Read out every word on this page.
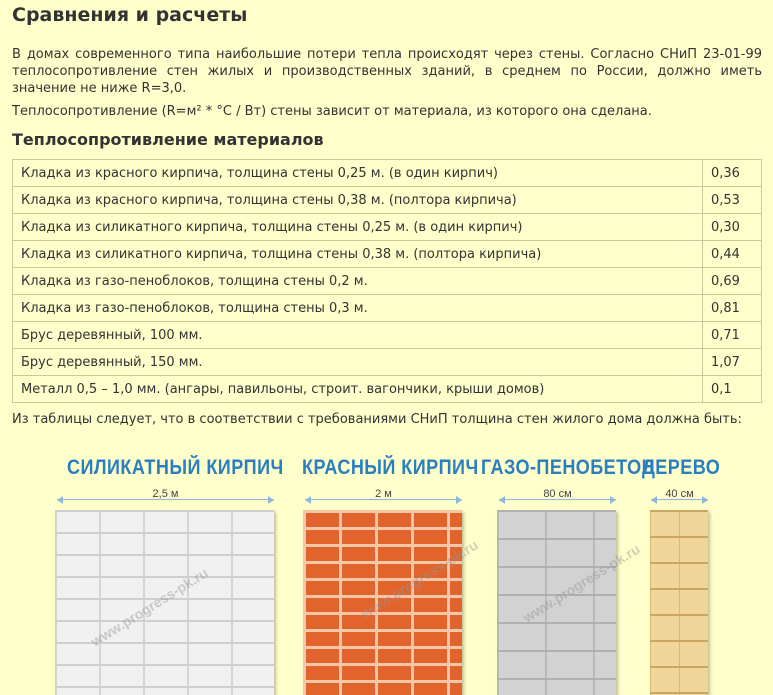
Сравнения и расчеты

В домах современного типа наибольшие потери тепла происходят через стены. Согласно СНиП 23-01-99 теплосопротивление стен жилых и производственных зданий, в среднем по России, должно иметь значение не ниже R=3,0.

Теплосопротивление (R=м² * °С / Вт) стены зависит от материала, из которого она сделана.

Теплосопротивление материалов
Кладка из красного кирпича, толщина стены 0,25 м. (в один кирпич)	0,36
Кладка из красного кирпича, толщина стены 0,38 м. (полтора кирпича)	0,53
Кладка из силикатного кирпича, толщина стены 0,25 м. (в один кирпич)	0,30
Кладка из силикатного кирпича, толщина стены 0,38 м. (полтора кирпича)	0,44
Кладка из газо-пеноблоков, толщина стены 0,2 м.	0,69
Кладка из газо-пеноблоков, толщина стены 0,3 м.	0,81
Брус деревянный, 100 мм.	0,71
Брус деревянный, 150 мм.	1,07
Металл 0,5 – 1,0 мм. (ангары, павильоны, строит. вагончики, крыши домов)	0,1

Из таблицы следует, что в соответствии с требованиями СНиП толщина стен жилого дома должна быть:

СИЛИКАТНЫЙ КИРПИЧ КРАСНЫЙ КИРПИЧ ГАЗО-ПЕНОБЕТОН
ДЕРЕВО
2,5 м	2 м	80 см	40 см
www.progress-pk.ru	www.progress-pk.ru	www.progress-pk.ru
